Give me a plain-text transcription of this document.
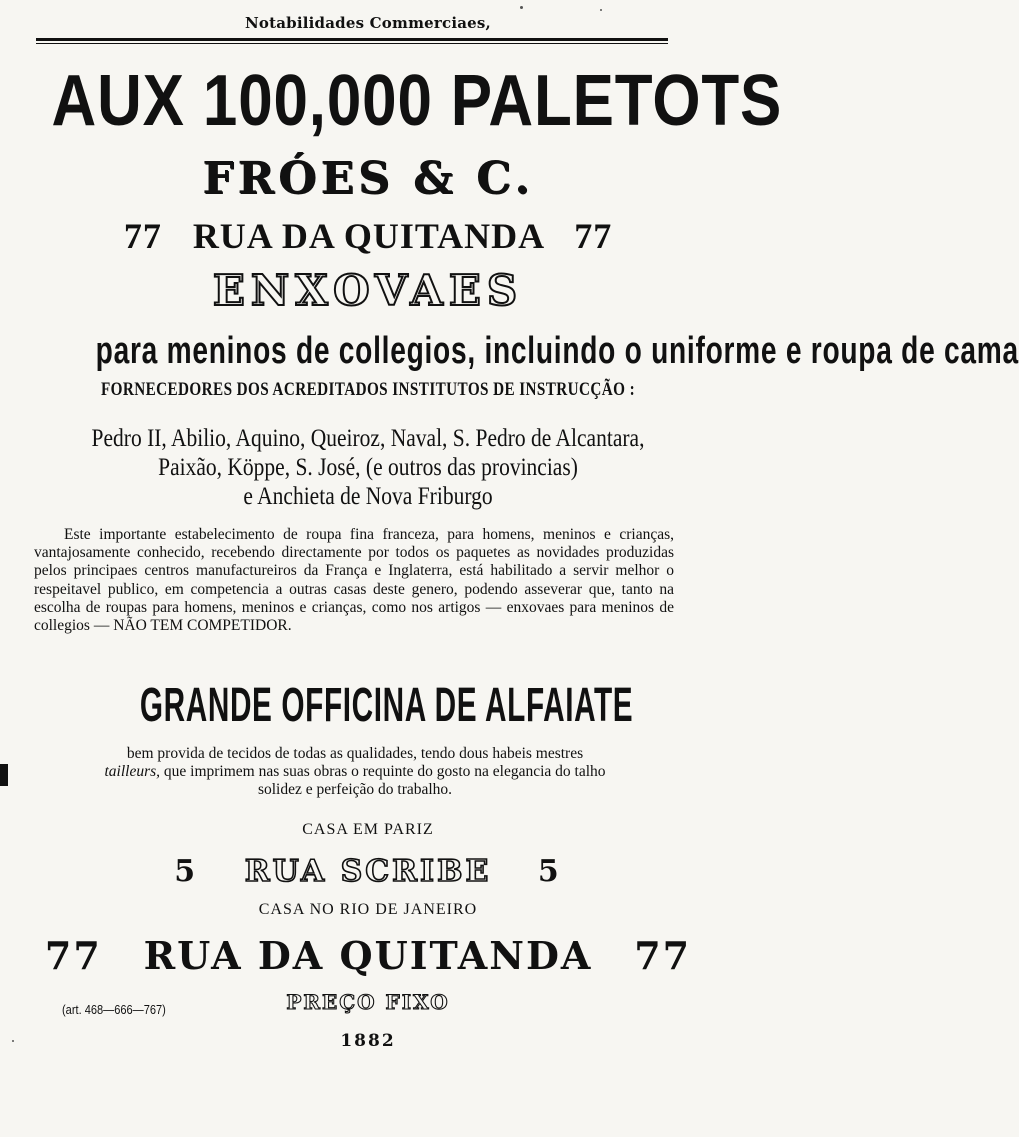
Notabilidades Commerciaes,
AUX 100,000 PALETOTS
FRÓES & C.
77 RUA DA QUITANDA 77
ENXOVAES
para meninos de collegios, incluindo o uniforme e roupa de cama
FORNECEDORES DOS ACREDITADOS INSTITUTOS DE INSTRUCÇÃO :
Pedro II, Abilio, Aquino, Queiroz, Naval, S. Pedro de Alcantara,
Paixão, Köppe, S. José, (e outros das provincias)
e Anchieta de Nova Friburgo

Este importante estabelecimento de roupa fina franceza, para homens, meninos e crianças, vantajosamente conhecido, recebendo directamente por todos os paquetes as novidades produzidas pelos principaes centros manufactureiros da França e Inglaterra, está habilitado a servir melhor o respeitavel publico, em competencia a outras casas deste genero, podendo asseverar que, tanto na escolha de roupas para homens, meninos e crianças, como nos artigos — enxovaes para meninos de collegios — NÃO TEM COMPETIDOR.

GRANDE OFFICINA DE ALFAIATE
bem provida de tecidos de todas as qualidades, tendo dous habeis mestres
tailleurs, que imprimem nas suas obras o requinte do gosto na elegancia do talho
solidez e perfeição do trabalho.
CASA EM PARIZ
5 RUA SCRIBE 5
CASA NO RIO DE JANEIRO
77 RUA DA QUITANDA 77
(art. 468—666—767)	PREÇO FIXO
1882
